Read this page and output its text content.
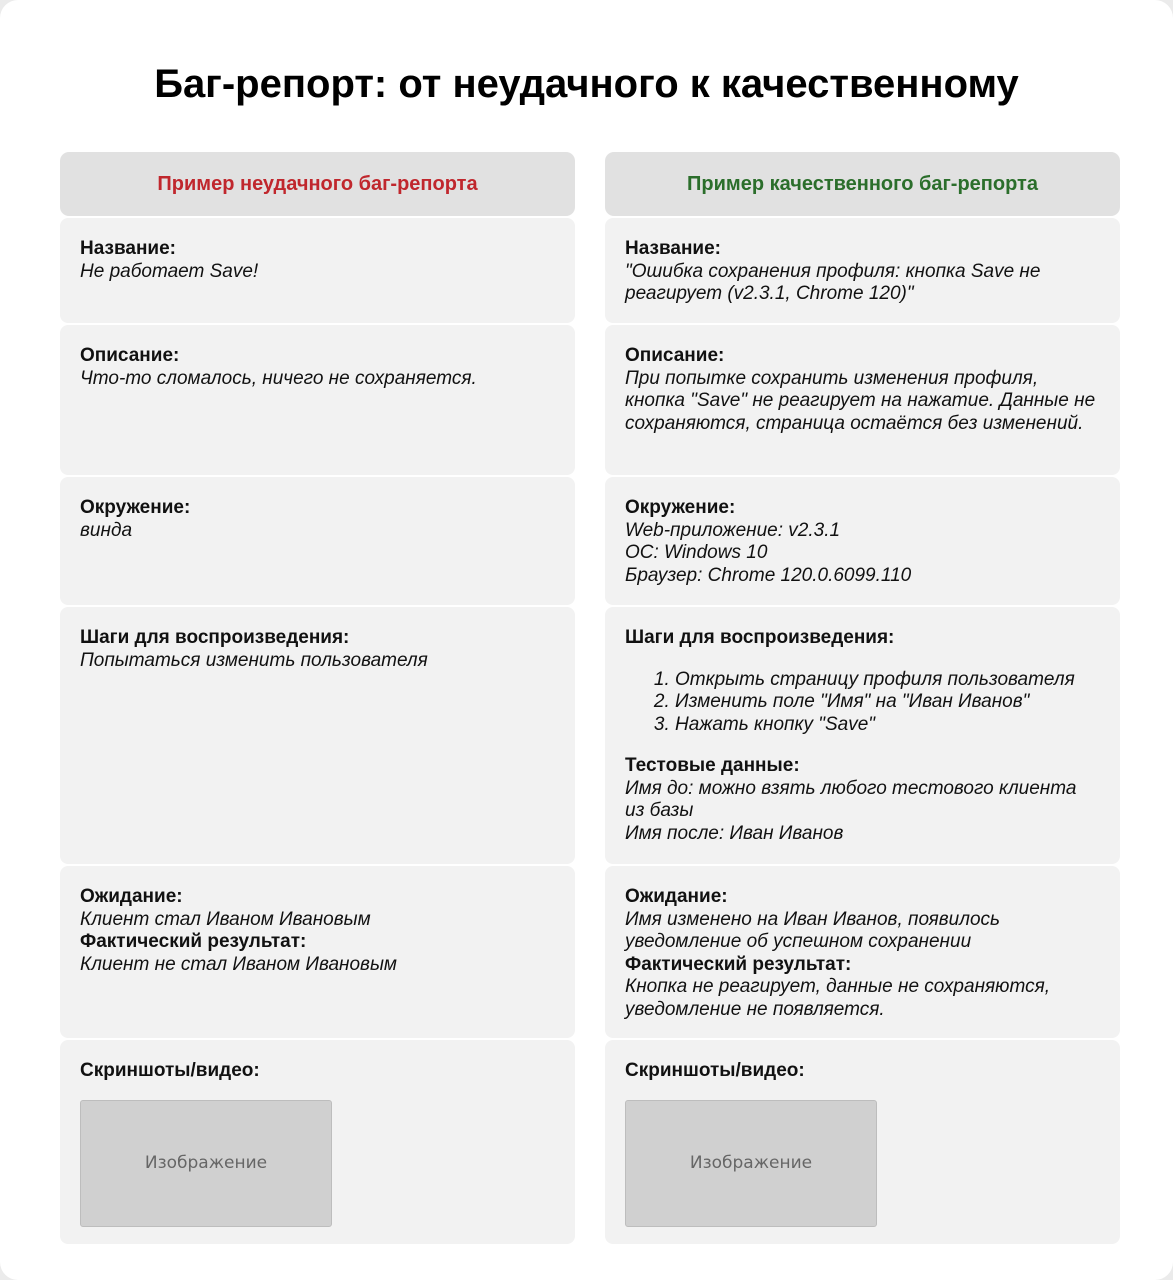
Баг-репорт: от неудачного к качественному
Пример неудачного баг-репорта
Название:
Не работает Save!
Описание:
Что-то сломалось, ничего не сохраняется.
Окружение:
винда
Шаги для воспроизведения:
Попытаться изменить пользователя
Ожидание:
Клиент стал Иваном Ивановым
Фактический результат:
Клиент не стал Иваном Ивановым
Скриншоты/видео:
Изображение
Пример качественного баг-репорта
Название:
"Ошибка сохранения профиля: кнопка Save не реагирует (v2.3.1, Chrome 120)"
Описание:
При попытке сохранить изменения профиля, кнопка "Save" не реагирует на нажатие. Данные не сохраняются, страница остаётся без изменений.
Окружение:
Web-приложение: v2.3.1
ОС: Windows 10
Браузер: Chrome 120.0.6099.110
Шаги для воспроизведения:
1. Открыть страницу профиля пользователя
2. Изменить поле "Имя" на "Иван Иванов"
3. Нажать кнопку "Save"
Тестовые данные:
Имя до: можно взять любого тестового клиента из базы
Имя после: Иван Иванов
Ожидание:
Имя изменено на Иван Иванов, появилось уведомление об успешном сохранении
Фактический результат:
Кнопка не реагирует, данные не сохраняются, уведомление не появляется.
Скриншоты/видео:
Изображение
